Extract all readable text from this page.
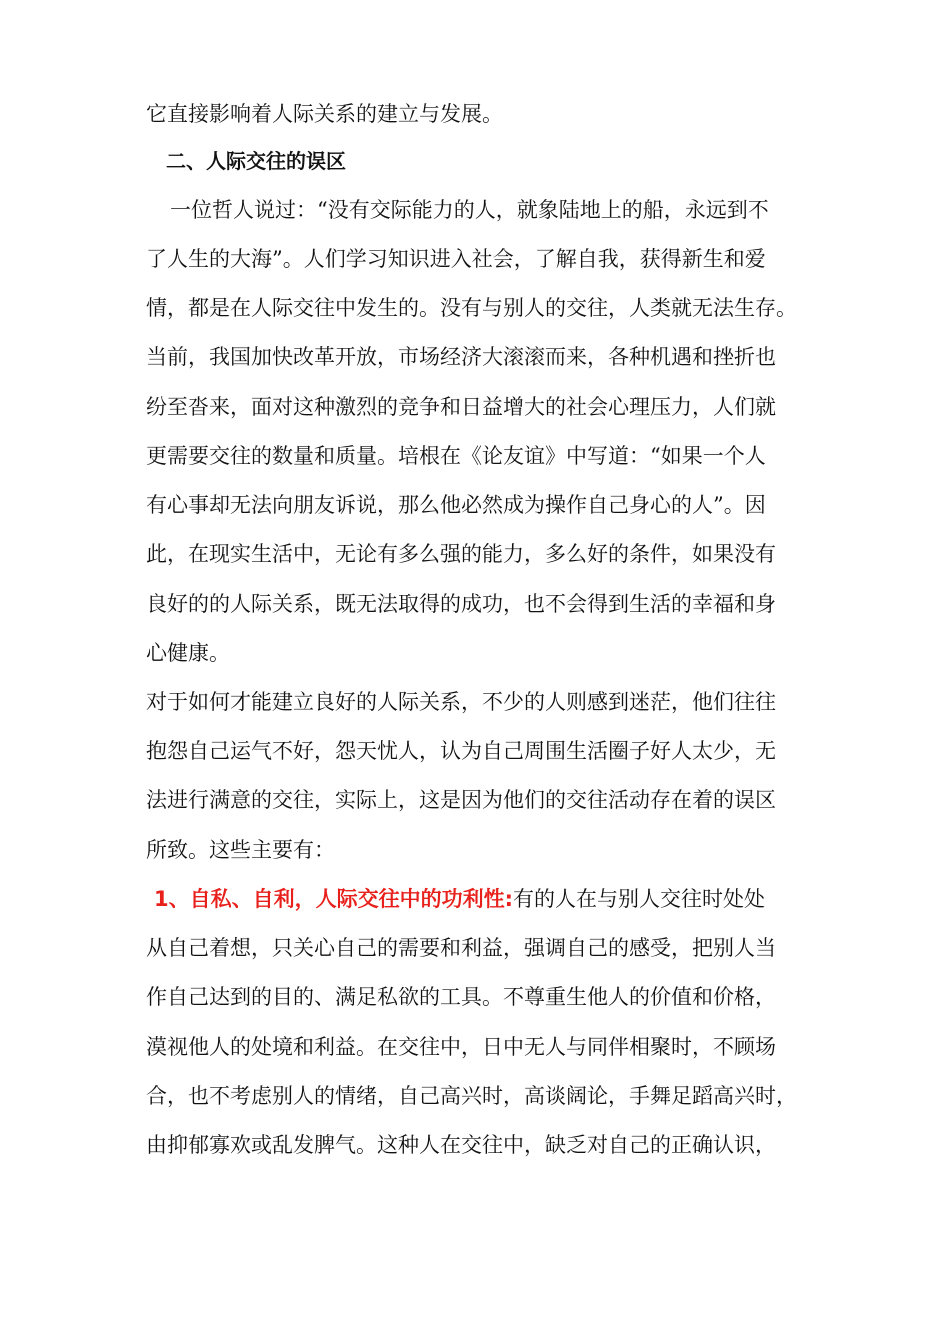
它直接影响着人际关系的建立与发展。
二、人际交往的误区
一位哲人说过：“没有交际能力的人，就象陆地上的船，永远到不
了人生的大海”。人们学习知识进入社会，了解自我，获得新生和爱
情，都是在人际交往中发生的。没有与别人的交往，人类就无法生存。
当前，我国加快改革开放，市场经济大滚滚而来，各种机遇和挫折也
纷至沓来，面对这种激烈的竞争和日益增大的社会心理压力，人们就
更需要交往的数量和质量。培根在《论友谊》中写道：“如果一个人
有心事却无法向朋友诉说，那么他必然成为操作自己身心的人”。因
此，在现实生活中，无论有多么强的能力，多么好的条件，如果没有
良好的的人际关系，既无法取得的成功，也不会得到生活的幸福和身
心健康。
对于如何才能建立良好的人际关系，不少的人则感到迷茫，他们往往
抱怨自己运气不好，怨天忧人，认为自己周围生活圈子好人太少，无
法进行满意的交往，实际上，这是因为他们的交往活动存在着的误区
所致。这些主要有：
1、自私、自利，人际交往中的功利性:有的人在与别人交往时处处
从自己着想，只关心自己的需要和利益，强调自己的感受，把别人当
作自己达到的目的、满足私欲的工具。不尊重生他人的价值和价格，
漠视他人的处境和利益。在交往中，日中无人与同伴相聚时，不顾场
合，也不考虑别人的情绪，自己高兴时，高谈阔论，手舞足蹈高兴时，
由抑郁寡欢或乱发脾气。这种人在交往中，缺乏对自己的正确认识，
